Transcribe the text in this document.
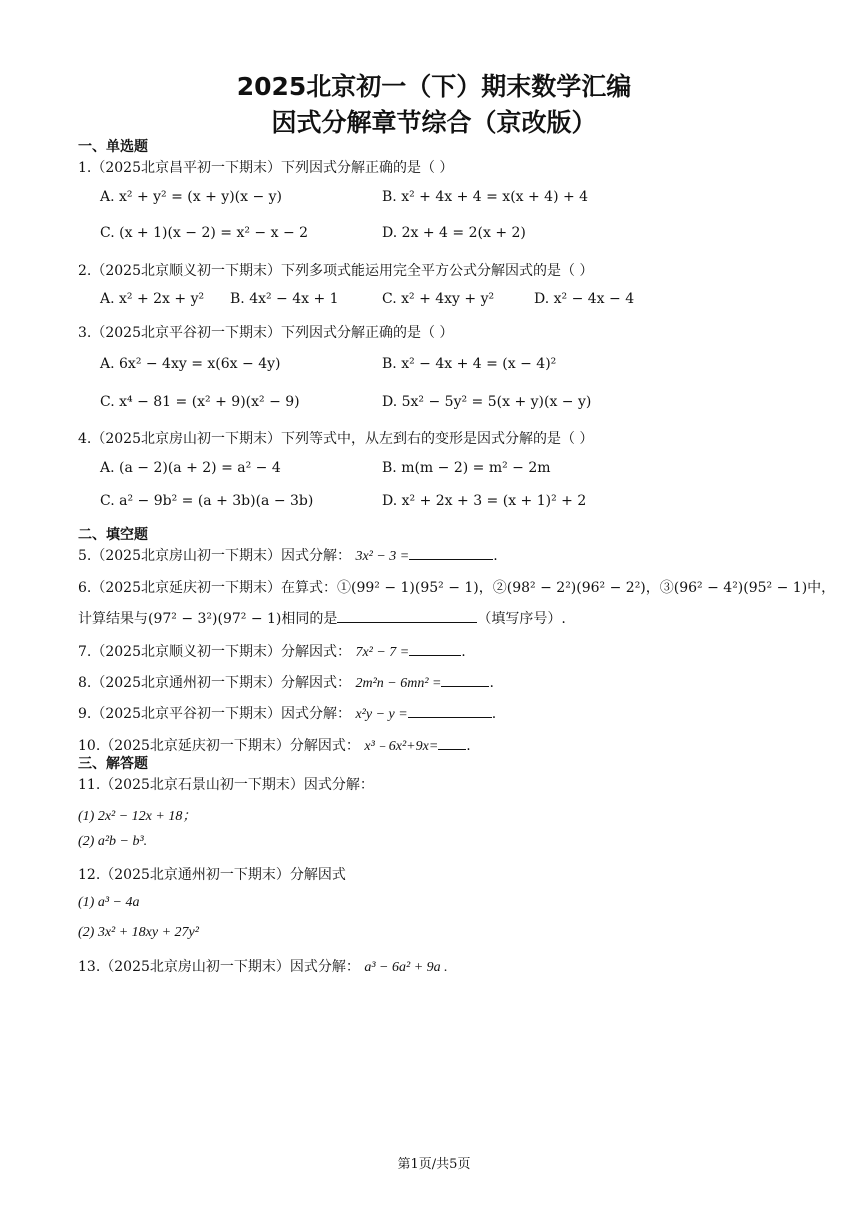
2025北京初一（下）期末数学汇编
因式分解章节综合（京改版）
一、单选题
1.（2025北京昌平初一下期末）下列因式分解正确的是（ ）
A. x² + y² = (x + y)(x − y)	B. x² + 4x + 4 = x(x + 4) + 4
C. (x + 1)(x − 2) = x² − x − 2	D. 2x + 4 = 2(x + 2)
2.（2025北京顺义初一下期末）下列多项式能运用完全平方公式分解因式的是（ ）
A. x² + 2x + y² B. 4x² − 4x + 1	C. x² + 4xy + y²	D. x² − 4x − 4
3.（2025北京平谷初一下期末）下列因式分解正确的是（ ）
A. 6x² − 4xy = x(6x − 4y)	B. x² − 4x + 4 = (x − 4)²
C. x⁴ − 81 = (x² + 9)(x² − 9)	D. 5x² − 5y² = 5(x + y)(x − y)
4.（2025北京房山初一下期末）下列等式中，从左到右的变形是因式分解的是（ ）
A. (a − 2)(a + 2) = a² − 4	B. m(m − 2) = m² − 2m
C. a² − 9b² = (a + 3b)(a − 3b)	D. x² + 2x + 3 = (x + 1)² + 2
二、填空题
5.（2025北京房山初一下期末）因式分解： 3x² − 3 =	.
6.（2025北京延庆初一下期末）在算式：①(99² − 1)(95² − 1)，②(98² − 2²)(96² − 2²)，③(96² − 4²)(95² − 1)中，
计算结果与(97² − 3²)(97² − 1)相同的是	（填写序号）.
7.（2025北京顺义初一下期末）分解因式： 7x² − 7 =	.
8.（2025北京通州初一下期末）分解因式： 2m²n − 6mn² =	.
9.（2025北京平谷初一下期末）因式分解： x²y − y =	.
10.（2025北京延庆初一下期末）分解因式： x³﹣6x²+9x= .
三、解答题
11.（2025北京石景山初一下期末）因式分解：
(1) 2x² − 12x + 18；
(2) a²b − b³.
12.（2025北京通州初一下期末）分解因式
(1) a³ − 4a
(2) 3x² + 18xy + 27y²
13.（2025北京房山初一下期末）因式分解： a³ − 6a² + 9a .
第1页/共5页
